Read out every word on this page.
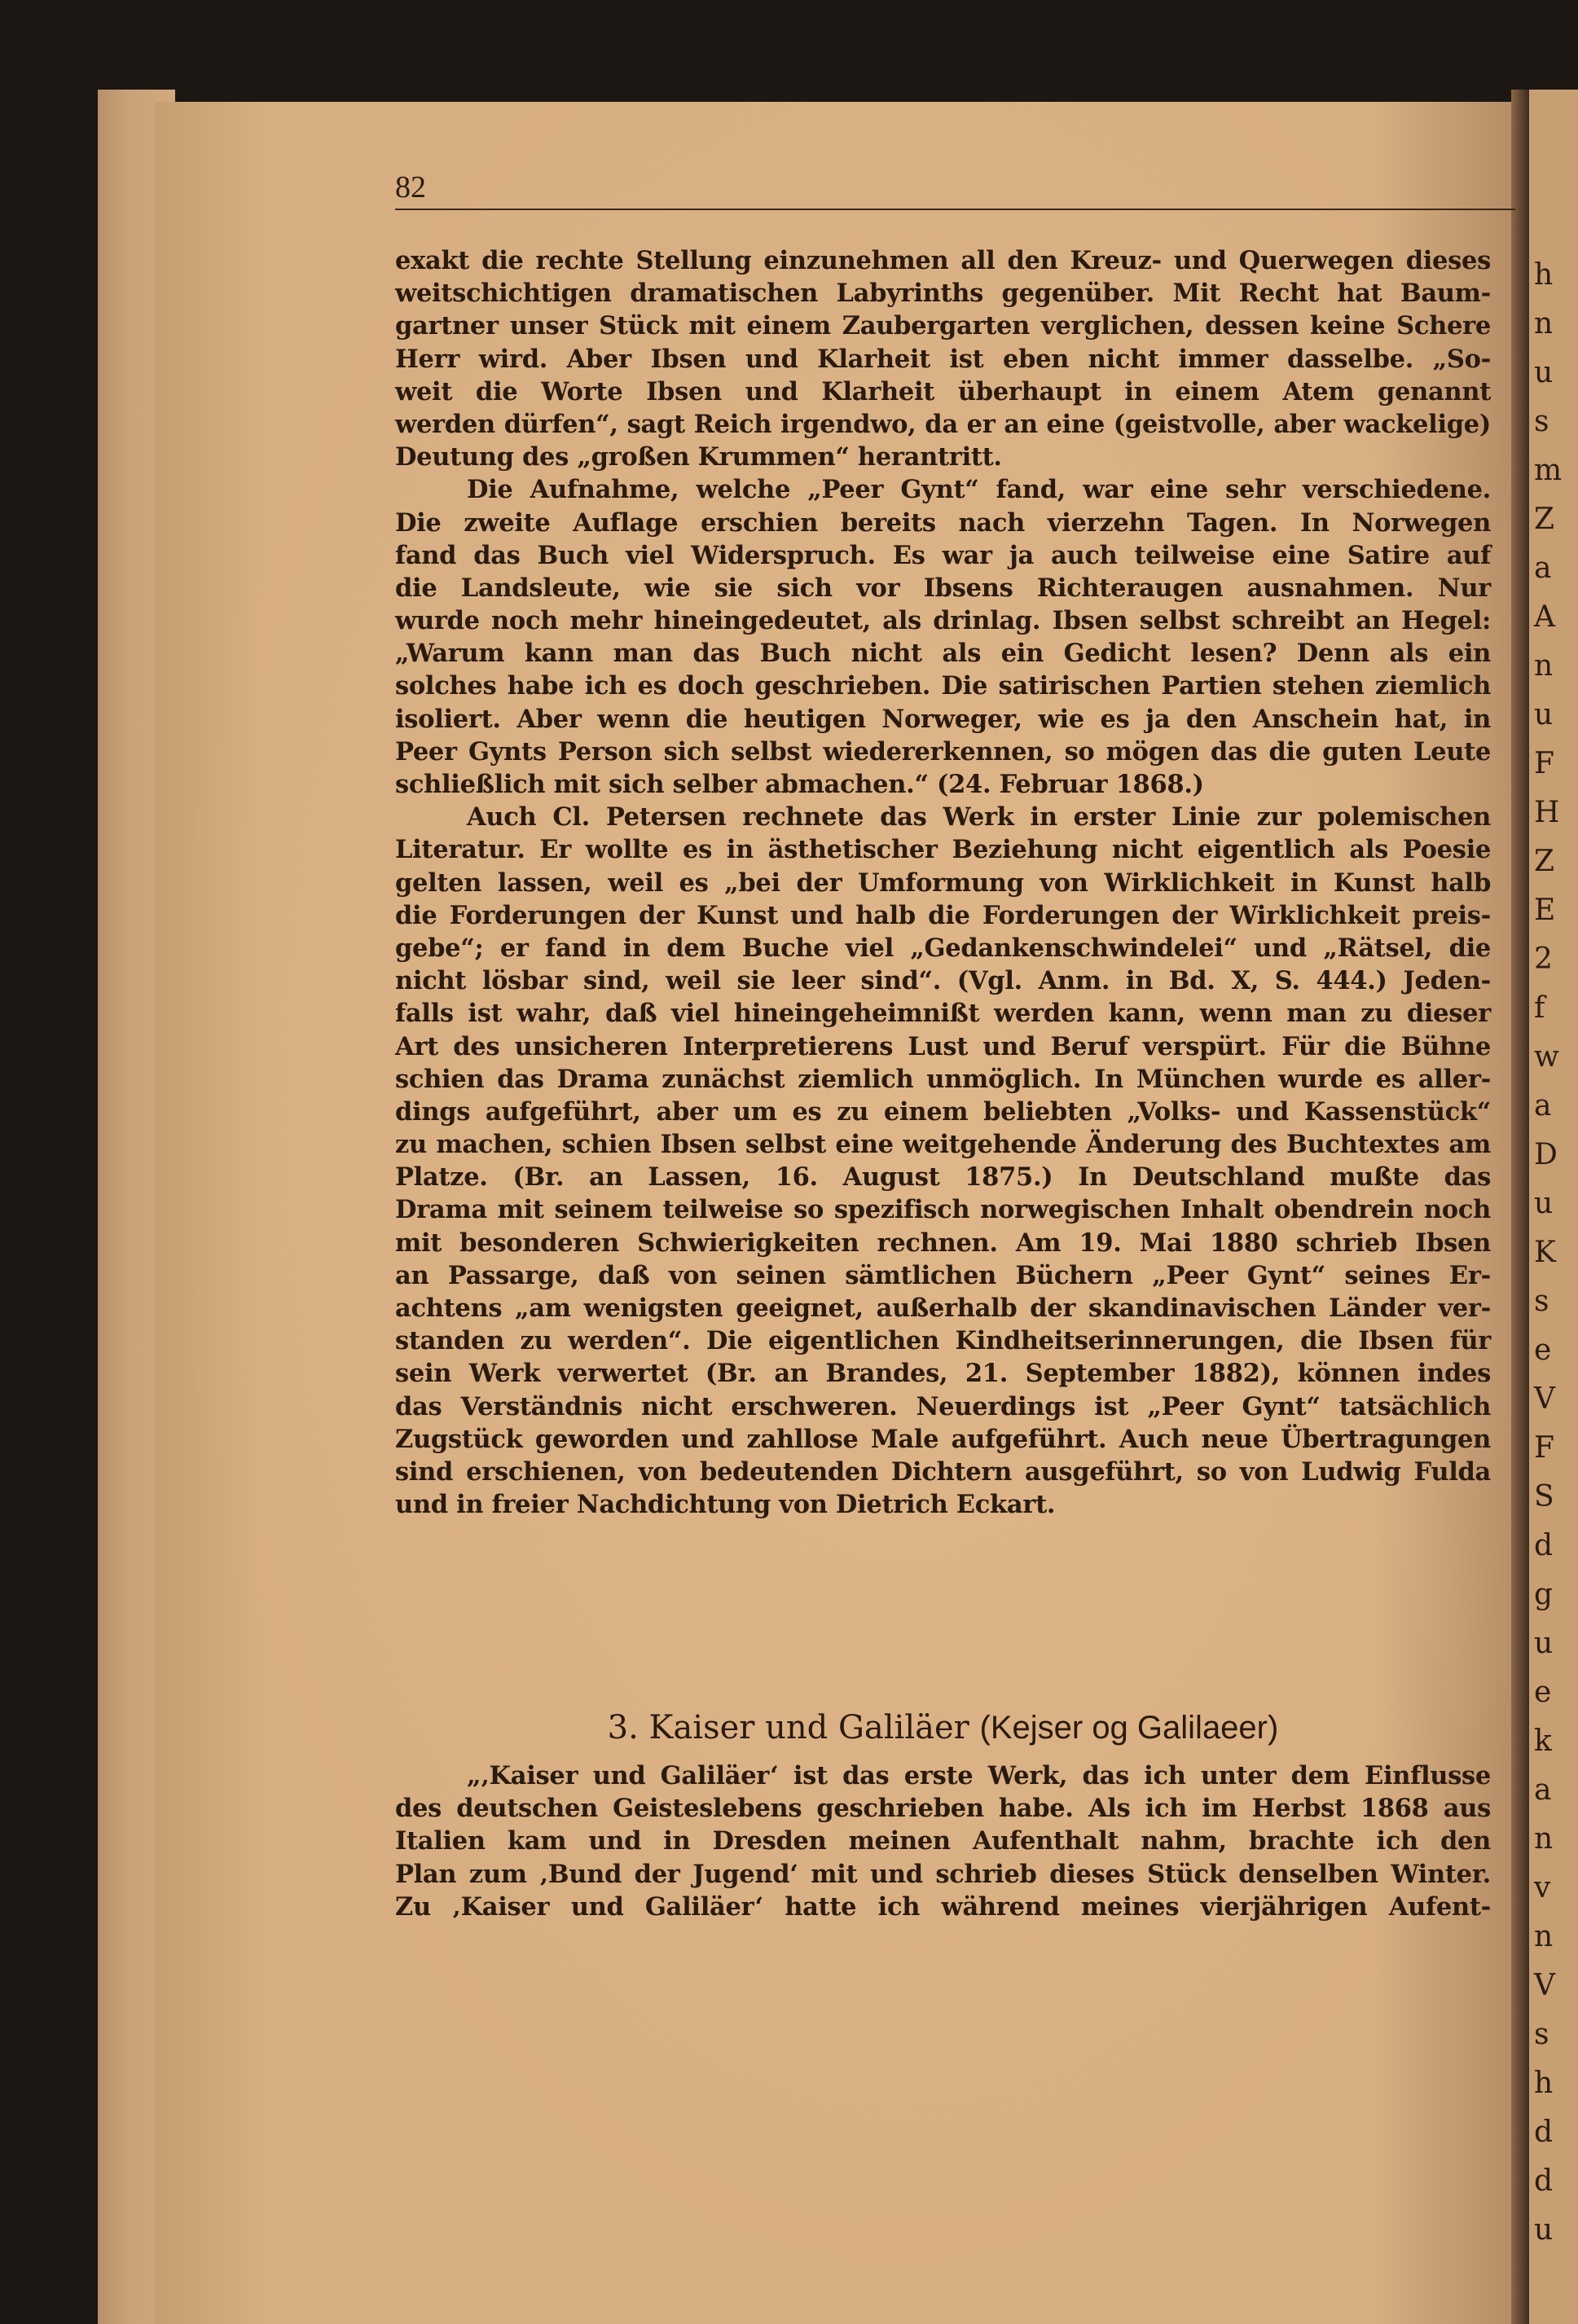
h
n
u
s
m
Z
a
A
n
u
F
H
Z
E
2
f
w
a
D
u
K
s
e
V
F
S
d
g
u
e
k
a
n
v
n
V
s
h
d
d
u
82
exakt die rechte Stellung einzunehmen all den Kreuz- und Querwegen dieses
weitschichtigen dramatischen Labyrinths gegenüber. Mit Recht hat Baum-
gartner unser Stück mit einem Zaubergarten verglichen, dessen keine Schere
Herr wird. Aber Ibsen und Klarheit ist eben nicht immer dasselbe. „So-
weit die Worte Ibsen und Klarheit überhaupt in einem Atem genannt
werden dürfen“, sagt Reich irgendwo, da er an eine (geistvolle, aber wackelige)
Deutung des „großen Krummen“ herantritt.
Die Aufnahme, welche „Peer Gynt“ fand, war eine sehr verschiedene.
Die zweite Auflage erschien bereits nach vierzehn Tagen. In Norwegen
fand das Buch viel Widerspruch. Es war ja auch teilweise eine Satire auf
die Landsleute, wie sie sich vor Ibsens Richteraugen ausnahmen. Nur
wurde noch mehr hineingedeutet, als drinlag. Ibsen selbst schreibt an Hegel:
„Warum kann man das Buch nicht als ein Gedicht lesen? Denn als ein
solches habe ich es doch geschrieben. Die satirischen Partien stehen ziemlich
isoliert. Aber wenn die heutigen Norweger, wie es ja den Anschein hat, in
Peer Gynts Person sich selbst wiedererkennen, so mögen das die guten Leute
schließlich mit sich selber abmachen.“ (24. Februar 1868.)
Auch Cl. Petersen rechnete das Werk in erster Linie zur polemischen
Literatur. Er wollte es in ästhetischer Beziehung nicht eigentlich als Poesie
gelten lassen, weil es „bei der Umformung von Wirklichkeit in Kunst halb
die Forderungen der Kunst und halb die Forderungen der Wirklichkeit preis-
gebe“; er fand in dem Buche viel „Gedankenschwindelei“ und „Rätsel, die
nicht lösbar sind, weil sie leer sind“. (Vgl. Anm. in Bd. X, S. 444.) Jeden-
falls ist wahr, daß viel hineingeheimnißt werden kann, wenn man zu dieser
Art des unsicheren Interpretierens Lust und Beruf verspürt. Für die Bühne
schien das Drama zunächst ziemlich unmöglich. In München wurde es aller-
dings aufgeführt, aber um es zu einem beliebten „Volks- und Kassenstück“
zu machen, schien Ibsen selbst eine weitgehende Änderung des Buchtextes am
Platze. (Br. an Lassen, 16. August 1875.) In Deutschland mußte das
Drama mit seinem teilweise so spezifisch norwegischen Inhalt obendrein noch
mit besonderen Schwierigkeiten rechnen. Am 19. Mai 1880 schrieb Ibsen
an Passarge, daß von seinen sämtlichen Büchern „Peer Gynt“ seines Er-
achtens „am wenigsten geeignet, außerhalb der skandinavischen Länder ver-
standen zu werden“. Die eigentlichen Kindheitserinnerungen, die Ibsen für
sein Werk verwertet (Br. an Brandes, 21. September 1882), können indes
das Verständnis nicht erschweren. Neuerdings ist „Peer Gynt“ tatsächlich
Zugstück geworden und zahllose Male aufgeführt. Auch neue Übertragungen
sind erschienen, von bedeutenden Dichtern ausgeführt, so von Ludwig Fulda
und in freier Nachdichtung von Dietrich Eckart.
3. Kaiser und Galiläer (Kejser og Galilaeer)
„‚Kaiser und Galiläer‘ ist das erste Werk, das ich unter dem Einflusse
des deutschen Geisteslebens geschrieben habe. Als ich im Herbst 1868 aus
Italien kam und in Dresden meinen Aufenthalt nahm, brachte ich den
Plan zum ‚Bund der Jugend‘ mit und schrieb dieses Stück denselben Winter.
Zu ‚Kaiser und Galiläer‘ hatte ich während meines vierjährigen Aufent-
